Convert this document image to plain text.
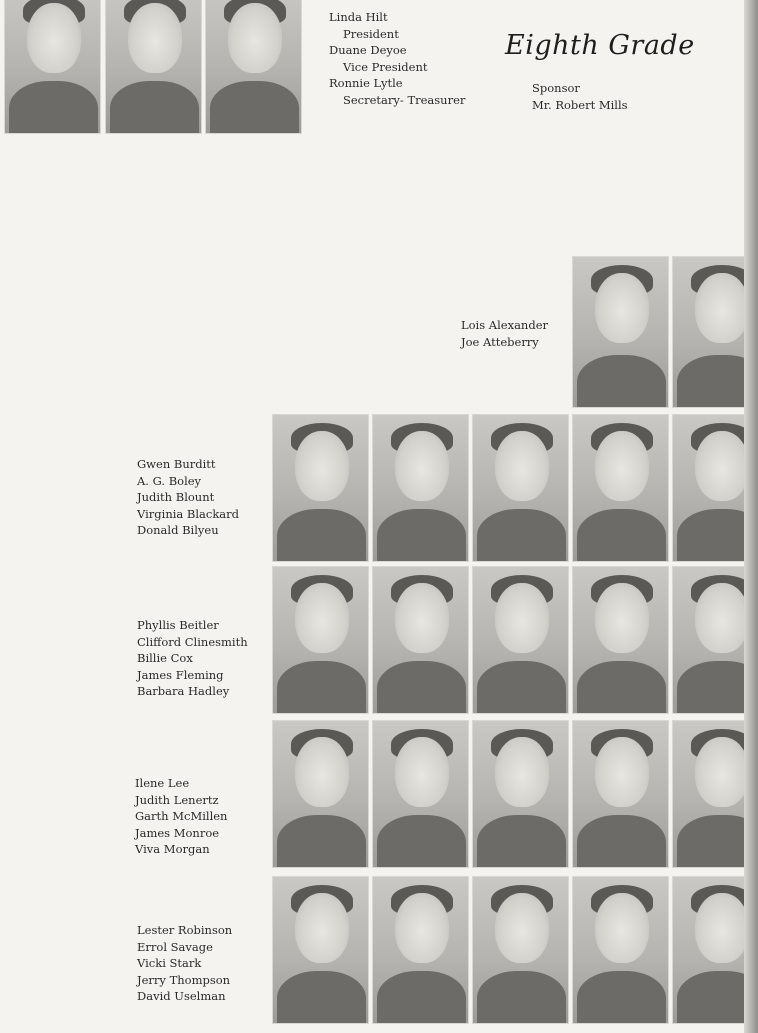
Linda Hilt
President
Duane Deyoe
Vice President
Ronnie Lytle
Secretary- Treasurer
Eighth Grade
Sponsor
Mr. Robert Mills
Lois Alexander
Joe Atteberry
Gwen Burditt
A. G. Boley
Judith Blount
Virginia Blackard
Donald Bilyeu
Phyllis Beitler
Clifford Clinesmith
Billie Cox
James Fleming
Barbara Hadley
Ilene Lee
Judith Lenertz
Garth McMillen
James Monroe
Viva Morgan
Lester Robinson
Errol Savage
Vicki Stark
Jerry Thompson
David Uselman
